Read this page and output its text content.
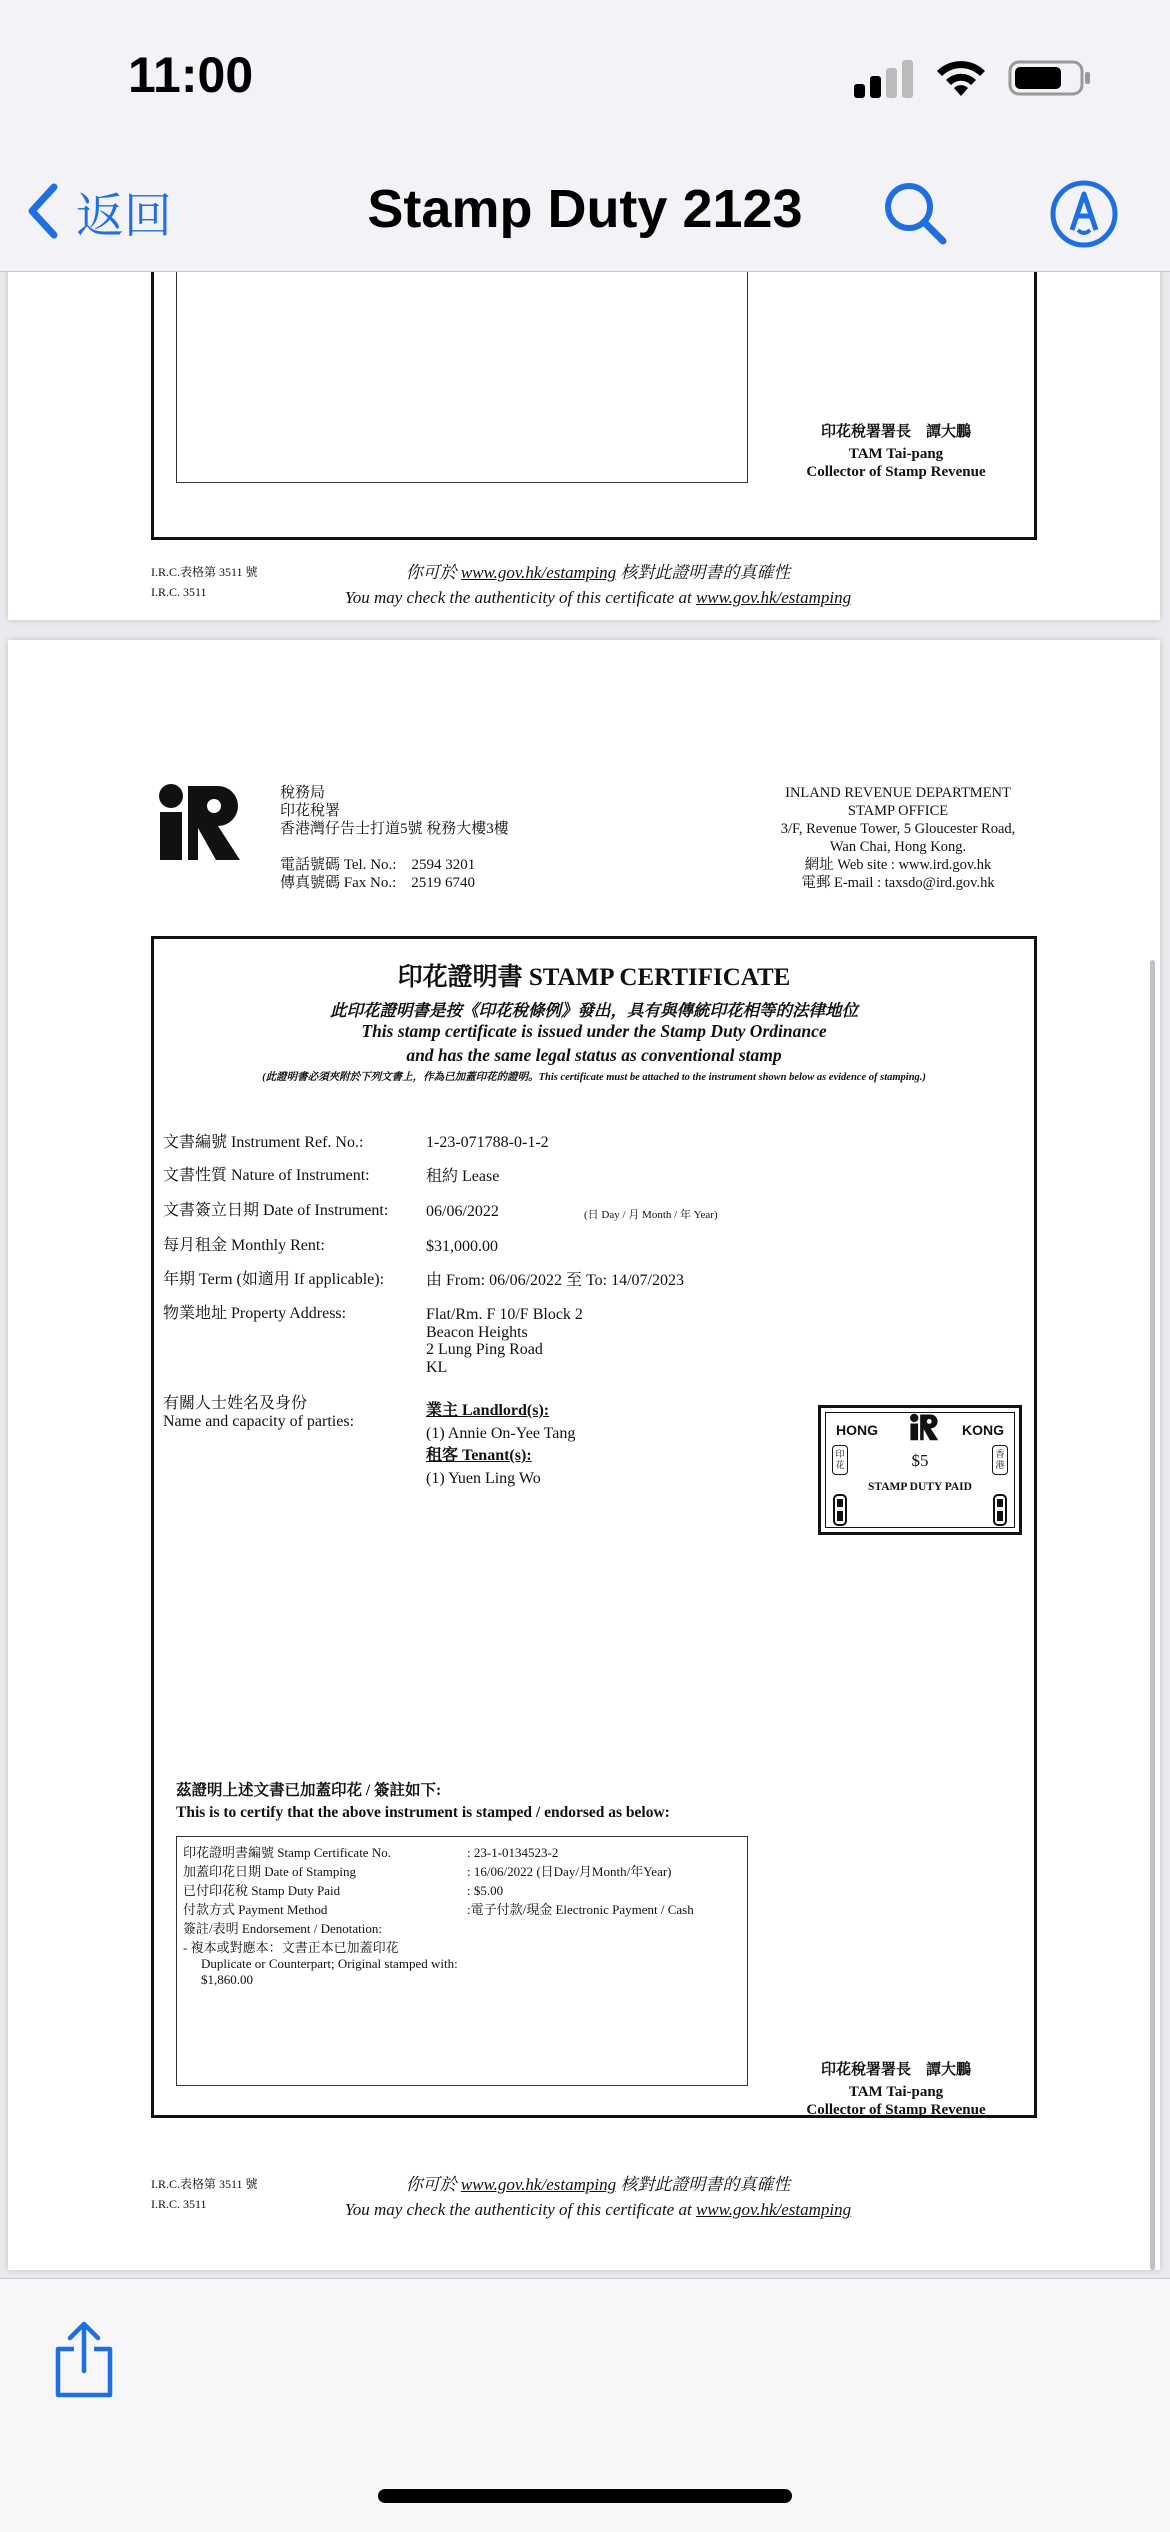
11:00
返回	Stamp Duty 2123
印花稅署署長　譚大鵬
TAM Tai-pang
Collector of Stamp Revenue
I.R.C.表格第 3511 號
I.R.C. 3511
你可於 www.gov.hk/estamping 核對此證明書的真確性
You may check the authenticity of this certificate at www.gov.hk/estamping
稅務局
印花稅署
香港灣仔告士打道5號 稅務大樓3樓
電話號碼 Tel. No.:　2594 3201
傳真號碼 Fax No.:　2519 6740
INLAND REVENUE DEPARTMENT
STAMP OFFICE
3/F, Revenue Tower, 5 Gloucester Road,
Wan Chai, Hong Kong.
網址 Web site : www.ird.gov.hk
電郵 E-mail : taxsdo@ird.gov.hk
印花證明書 STAMP CERTIFICATE
此印花證明書是按《印花稅條例》發出，具有與傳統印花相等的法律地位
This stamp certificate is issued under the Stamp Duty Ordinance
and has the same legal status as conventional stamp
(此證明書必須夾附於下列文書上，作為已加蓋印花的證明。This certificate must be attached to the instrument shown below as evidence of stamping.)
文書編號 Instrument Ref. No.:	1-23-071788-0-1-2
文書性質 Nature of Instrument:	租約 Lease
文書簽立日期 Date of Instrument: 06/06/2022	(日 Day / 月 Month / 年 Year)
每月租金 Monthly Rent:	$31,000.00
年期 Term (如適用 If applicable):	由 From: 06/06/2022 至 To: 14/07/2023
物業地址 Property Address:	Flat/Rm. F 10/F Block 2
Beacon Heights
2 Lung Ping Road
KL
有關人士姓名及身份
Name and capacity of parties:
業主 Landlord(s):
(1) Annie On-Yee Tang
租客 Tenant(s):
(1) Yuen Ling Wo
茲證明上述文書已加蓋印花 / 簽註如下:
This is to certify that the above instrument is stamped / endorsed as below:
印花證明書編號 Stamp Certificate No.	: 23-1-0134523-2
加蓋印花日期 Date of Stamping	: 16/06/2022 (日Day/月Month/年Year)
已付印花稅 Stamp Duty Paid	: $5.00
付款方式 Payment Method	:電子付款/現金 Electronic Payment / Cash
簽註/表明 Endorsement / Denotation:
- 複本或對應本：文書正本已加蓋印花
Duplicate or Counterpart; Original stamped with:
$1,860.00
印花稅署署長　譚大鵬
TAM Tai-pang
Collector of Stamp Revenue
HONG	KONG
$5
STAMP DUTY PAID
印花
香港
I.R.C.表格第 3511 號
I.R.C. 3511
你可於 www.gov.hk/estamping 核對此證明書的真確性
You may check the authenticity of this certificate at www.gov.hk/estamping
